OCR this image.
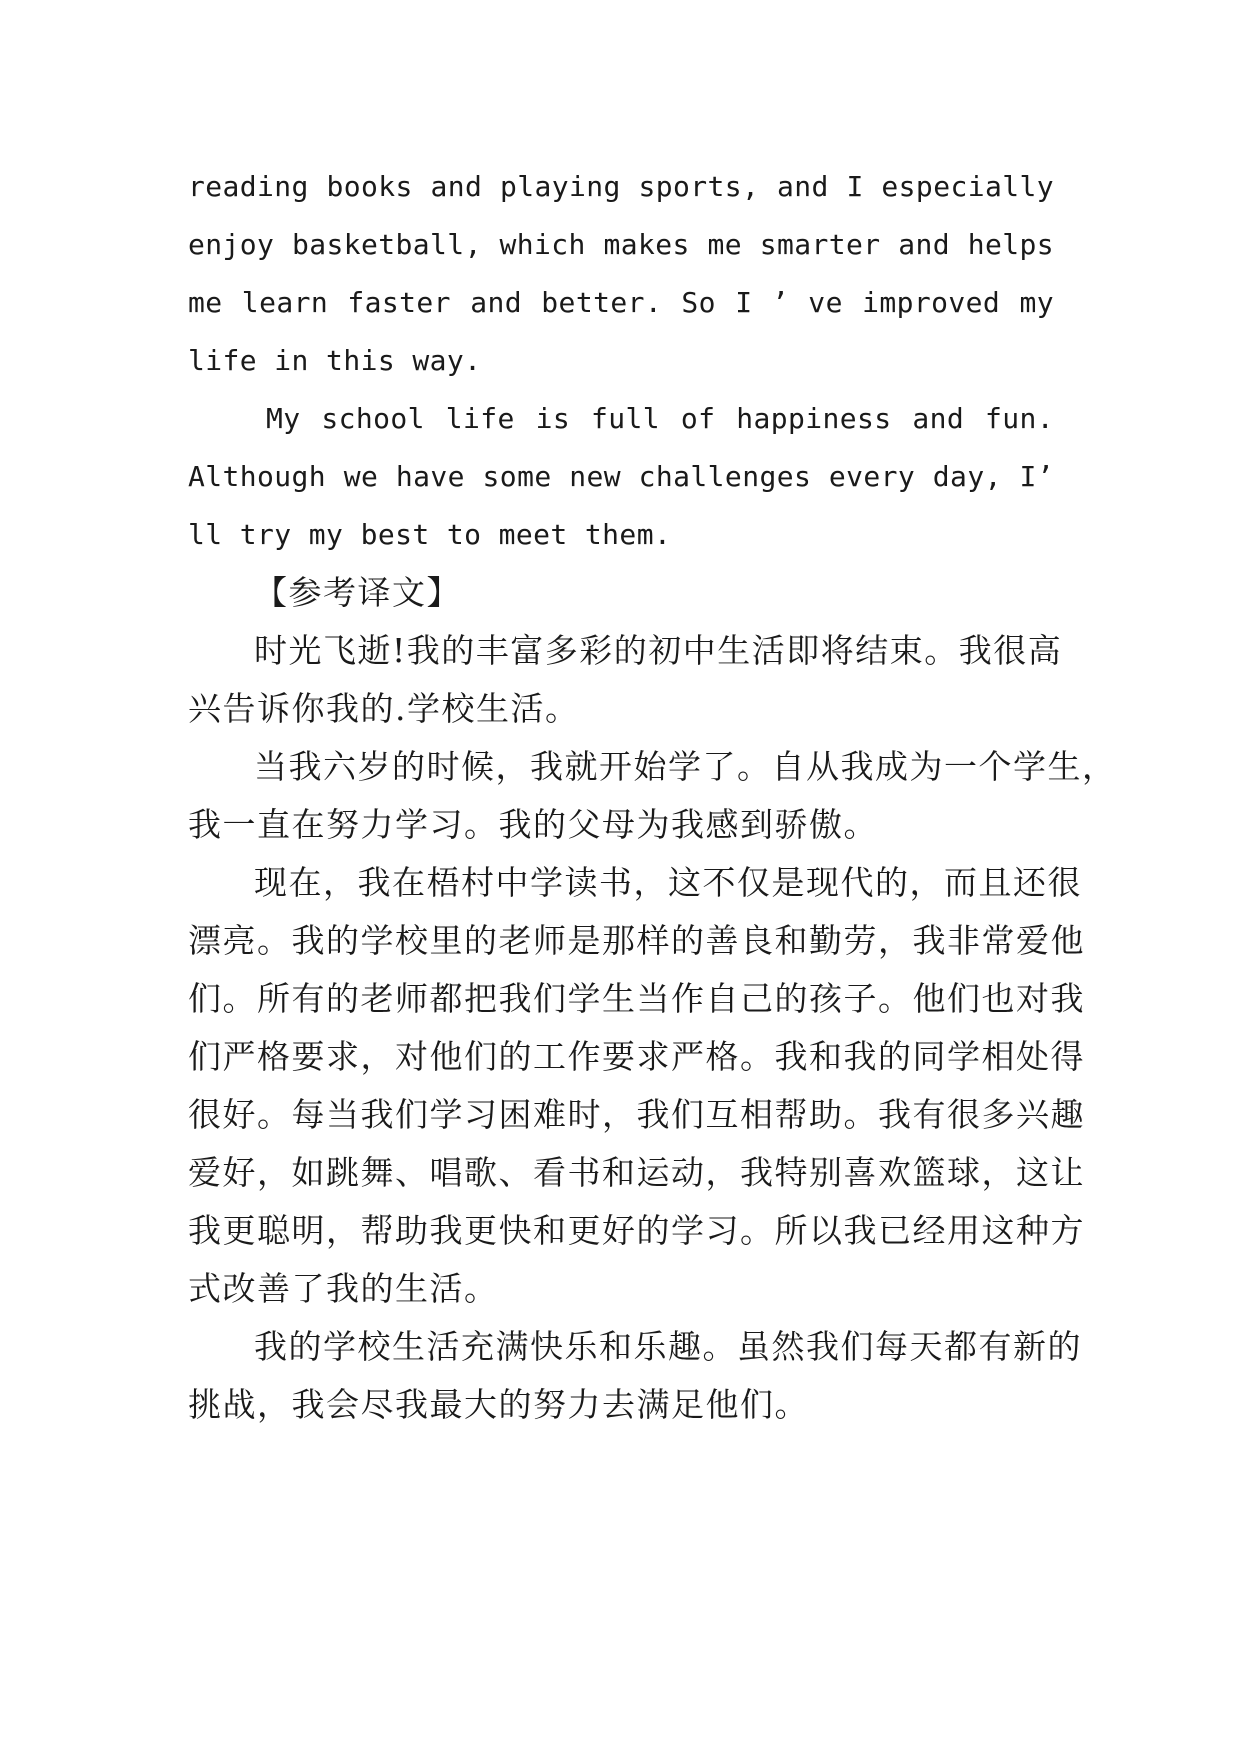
reading books and playing sports, and I especially
enjoy basketball, which makes me smarter and helps
me learn faster and better. So I ’ ve improved my
life in this way.
My school life is full of happiness and fun.
Although we have some new challenges every day, I’
ll try my best to meet them.
【参考译文】
时光飞逝!我的丰富多彩的初中生活即将结束。我很高
兴告诉你我的.学校生活。
当我六岁的时候，我就开始学了。自从我成为一个学生，
我一直在努力学习。我的父母为我感到骄傲。
现在，我在梧村中学读书，这不仅是现代的，而且还很
漂亮。我的学校里的老师是那样的善良和勤劳，我非常爱他
们。所有的老师都把我们学生当作自己的孩子。他们也对我
们严格要求，对他们的工作要求严格。我和我的同学相处得
很好。每当我们学习困难时，我们互相帮助。我有很多兴趣
爱好，如跳舞、唱歌、看书和运动，我特别喜欢篮球，这让
我更聪明，帮助我更快和更好的学习。所以我已经用这种方
式改善了我的生活。
我的学校生活充满快乐和乐趣。虽然我们每天都有新的
挑战，我会尽我最大的努力去满足他们。
